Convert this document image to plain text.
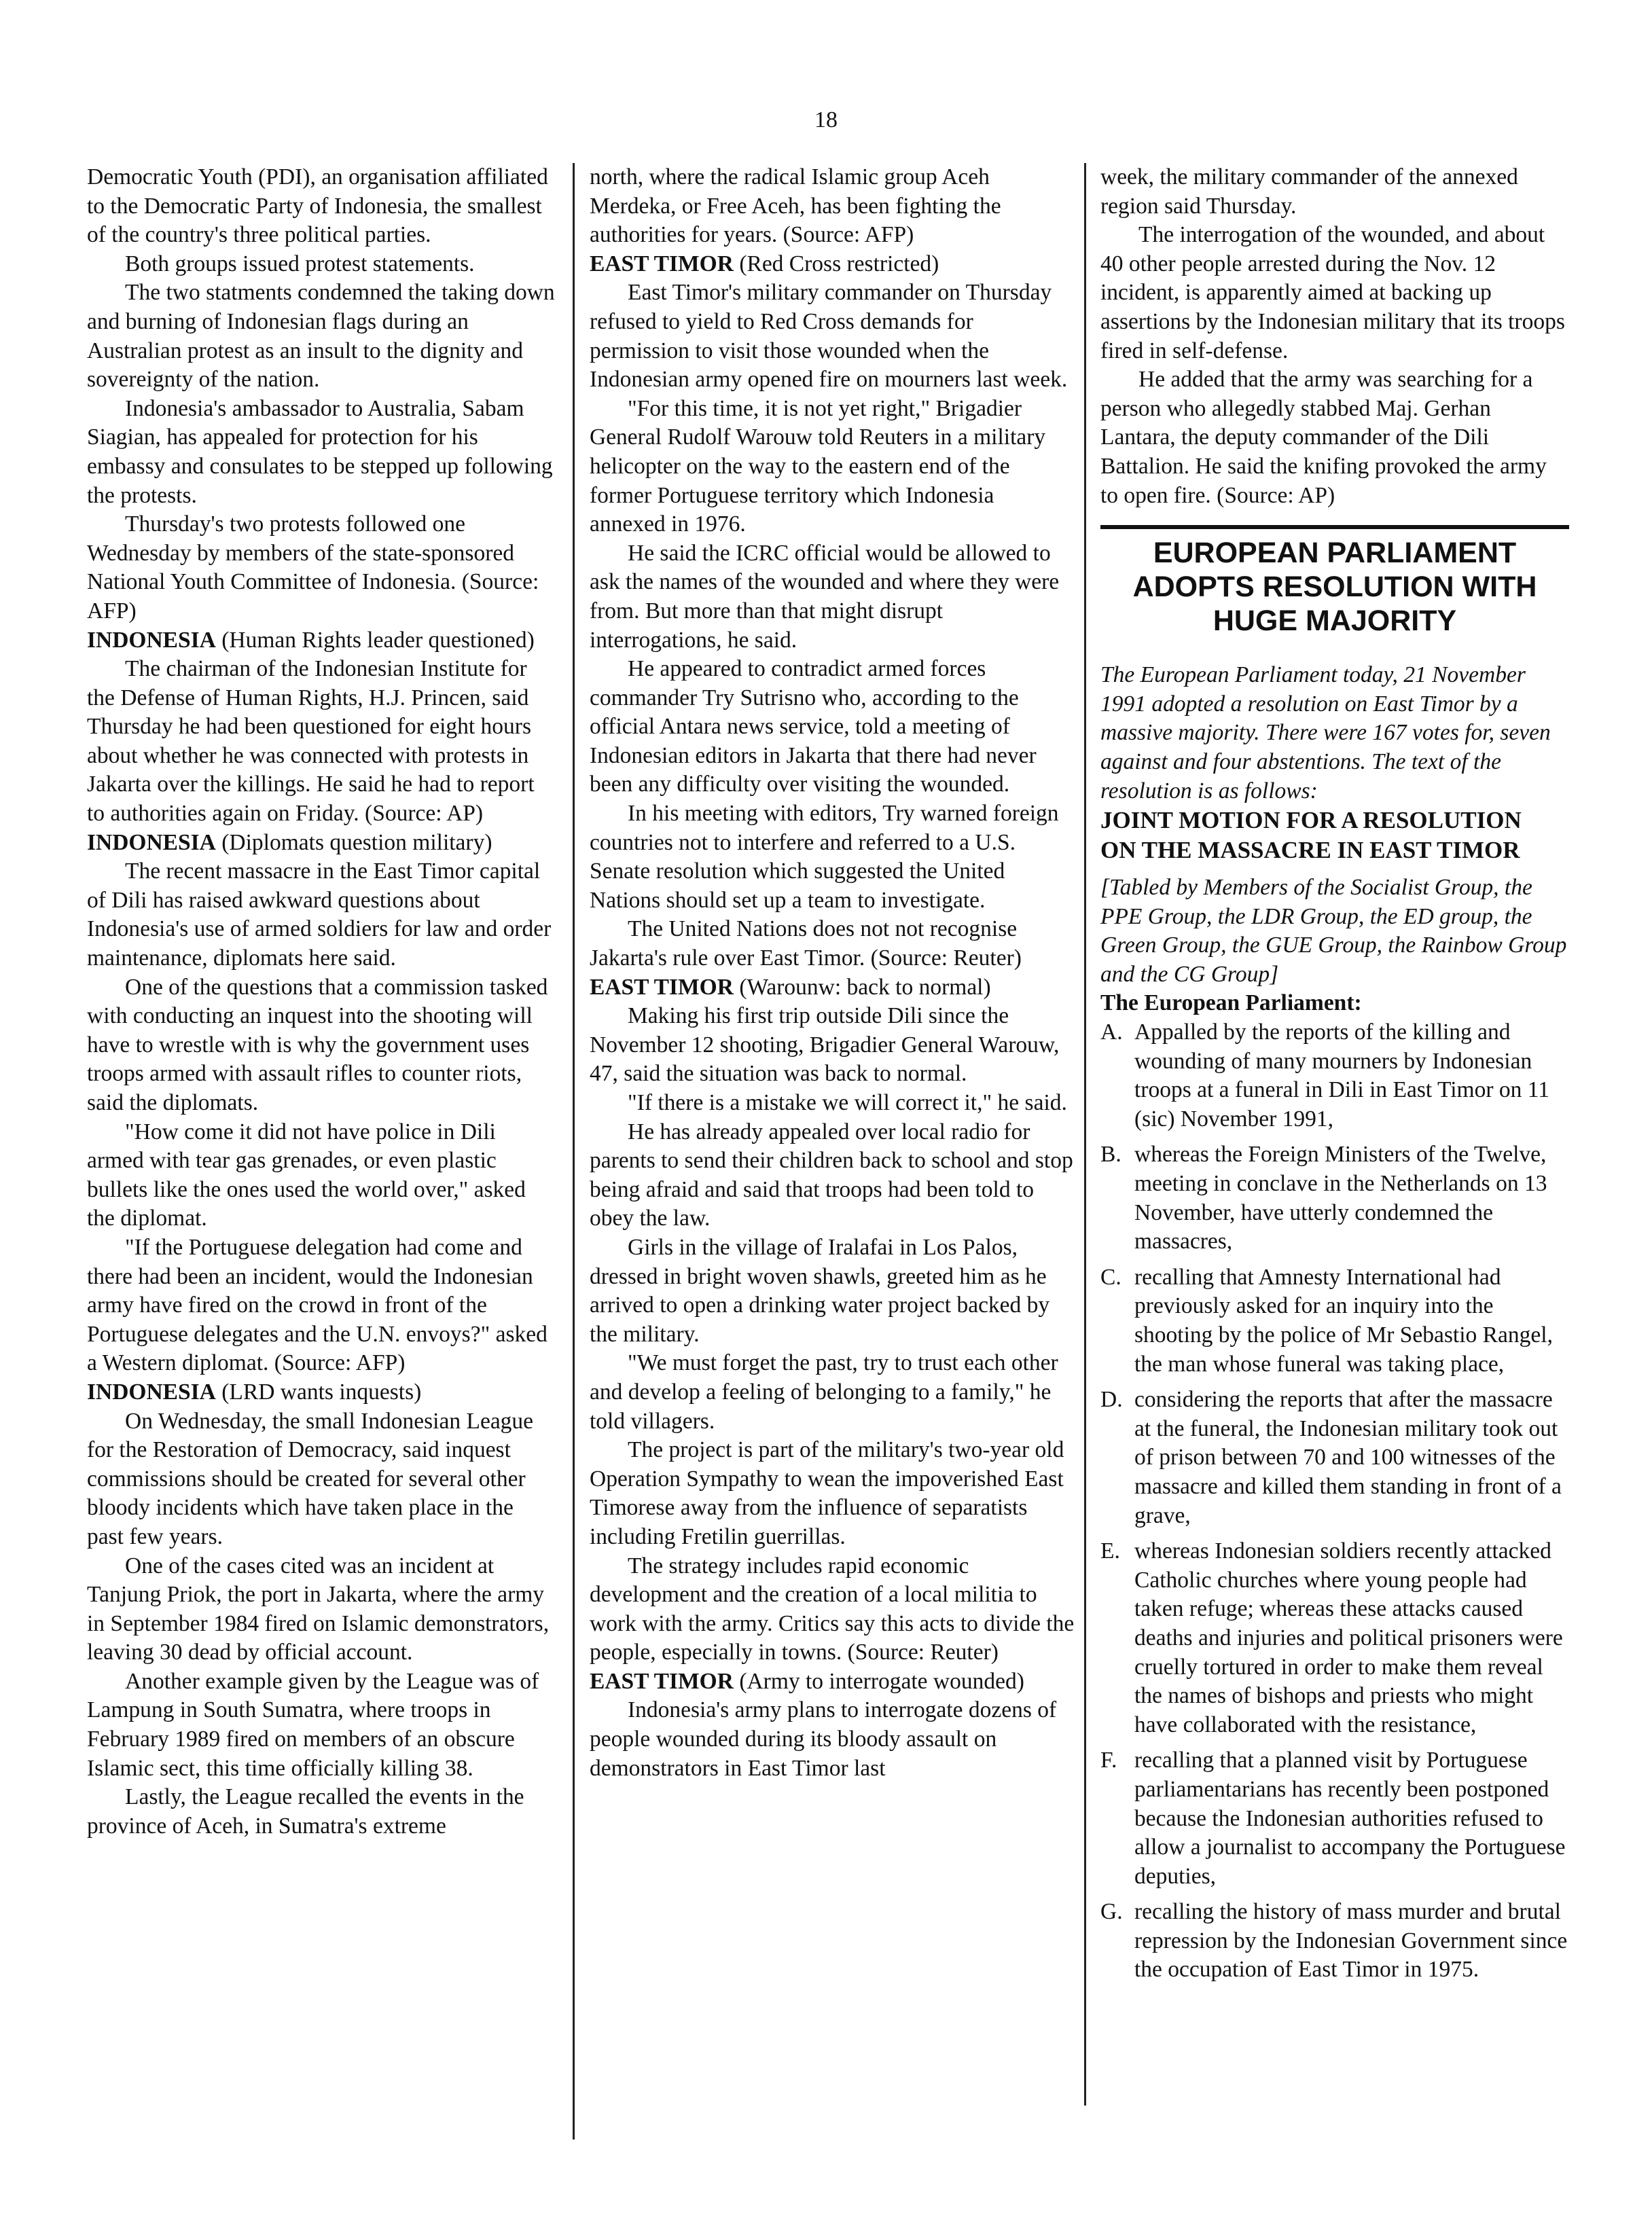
18

Democratic Youth (PDI), an organisation affiliated to the Democratic Party of Indonesia, the smallest of the country's three political parties.

Both groups issued protest statements.

The two statments condemned the taking down and burning of Indonesian flags during an Australian protest as an insult to the dignity and sovereignty of the nation.

Indonesia's ambassador to Australia, Sabam Siagian, has appealed for protection for his embassy and consulates to be stepped up following the protests.

Thursday's two protests followed one Wednesday by members of the state-sponsored National Youth Committee of Indonesia. (Source: AFP)

INDONESIA (Human Rights leader questioned)

The chairman of the Indonesian Institute for the Defense of Human Rights, H.J. Princen, said Thursday he had been questioned for eight hours about whether he was connected with protests in Jakarta over the killings. He said he had to report to authorities again on Friday. (Source: AP)

INDONESIA (Diplomats question military)

The recent massacre in the East Timor capital of Dili has raised awkward questions about Indonesia's use of armed soldiers for law and order maintenance, diplomats here said.

One of the questions that a commission tasked with conducting an inquest into the shooting will have to wrestle with is why the government uses troops armed with assault rifles to counter riots, said the diplomats.

"How come it did not have police in Dili armed with tear gas grenades, or even plastic bullets like the ones used the world over," asked the diplomat.

"If the Portuguese delegation had come and there had been an incident, would the Indonesian army have fired on the crowd in front of the Portuguese delegates and the U.N. envoys?" asked a Western diplomat. (Source: AFP)

INDONESIA (LRD wants inquests)

On Wednesday, the small Indonesian League for the Restoration of Democracy, said inquest commissions should be created for several other bloody incidents which have taken place in the past few years.

One of the cases cited was an incident at Tanjung Priok, the port in Jakarta, where the army in September 1984 fired on Islamic demonstrators, leaving 30 dead by official account.

Another example given by the League was of Lampung in South Sumatra, where troops in February 1989 fired on members of an obscure Islamic sect, this time officially killing 38.

Lastly, the League recalled the events in the province of Aceh, in Sumatra's extreme

north, where the radical Islamic group Aceh Merdeka, or Free Aceh, has been fighting the authorities for years. (Source: AFP)

EAST TIMOR (Red Cross restricted)

East Timor's military commander on Thursday refused to yield to Red Cross demands for permission to visit those wounded when the Indonesian army opened fire on mourners last week.

"For this time, it is not yet right," Brigadier General Rudolf Warouw told Reuters in a military helicopter on the way to the eastern end of the former Portuguese territory which Indonesia annexed in 1976.

He said the ICRC official would be allowed to ask the names of the wounded and where they were from. But more than that might disrupt interrogations, he said.

He appeared to contradict armed forces commander Try Sutrisno who, according to the official Antara news service, told a meeting of Indonesian editors in Jakarta that there had never been any difficulty over visiting the wounded.

In his meeting with editors, Try warned foreign countries not to interfere and referred to a U.S. Senate resolution which suggested the United Nations should set up a team to investigate.

The United Nations does not not recognise Jakarta's rule over East Timor. (Source: Reuter)

EAST TIMOR (Warounw: back to normal)

Making his first trip outside Dili since the November 12 shooting, Brigadier General Warouw, 47, said the situation was back to normal.

"If there is a mistake we will correct it," he said.

He has already appealed over local radio for parents to send their children back to school and stop being afraid and said that troops had been told to obey the law.

Girls in the village of Iralafai in Los Palos, dressed in bright woven shawls, greeted him as he arrived to open a drinking water project backed by the military.

"We must forget the past, try to trust each other and develop a feeling of belonging to a family," he told villagers.

The project is part of the military's two-year old Operation Sympathy to wean the impoverished East Timorese away from the influence of separatists including Fretilin guerrillas.

The strategy includes rapid economic development and the creation of a local militia to work with the army. Critics say this acts to divide the people, especially in towns. (Source: Reuter)

EAST TIMOR (Army to interrogate wounded)

Indonesia's army plans to interrogate dozens of people wounded during its bloody assault on demonstrators in East Timor last

week, the military commander of the annexed region said Thursday.

The interrogation of the wounded, and about 40 other people arrested during the Nov. 12 incident, is apparently aimed at backing up assertions by the Indonesian military that its troops fired in self-defense.

He added that the army was searching for a person who allegedly stabbed Maj. Gerhan Lantara, the deputy commander of the Dili Battalion. He said the knifing provoked the army to open fire. (Source: AP)

EUROPEAN PARLIAMENT
ADOPTS RESOLUTION WITH
HUGE MAJORITY

The European Parliament today, 21 November 1991 adopted a resolution on East Timor by a massive majority. There were 167 votes for, seven against and four abstentions. The text of the resolution is as follows:

JOINT MOTION FOR A RESOLUTION
ON THE MASSACRE IN EAST TIMOR

[Tabled by Members of the Socialist Group, the PPE Group, the LDR Group, the ED group, the Green Group, the GUE Group, the Rainbow Group and the CG Group]

The European Parliament:

A. Appalled by the reports of the killing and wounding of many mourners by Indonesian troops at a funeral in Dili in East Timor on 11 (sic) November 1991,
B. whereas the Foreign Ministers of the Twelve, meeting in conclave in the Netherlands on 13 November, have utterly condemned the massacres,
C. recalling that Amnesty International had previously asked for an inquiry into the shooting by the police of Mr Sebastio Rangel, the man whose funeral was taking place,
D. considering the reports that after the massacre at the funeral, the Indonesian military took out of prison between 70 and 100 witnesses of the massacre and killed them standing in front of a grave,
E. whereas Indonesian soldiers recently attacked Catholic churches where young people had taken refuge; whereas these attacks caused deaths and injuries and political prisoners were cruelly tortured in order to make them reveal the names of bishops and priests who might have collaborated with the resistance,
F. recalling that a planned visit by Portuguese parliamentarians has recently been postponed because the Indonesian authorities refused to allow a journalist to accompany the Portuguese deputies,
G. recalling the history of mass murder and brutal repression by the Indonesian Government since the occupation of East Timor in 1975.
